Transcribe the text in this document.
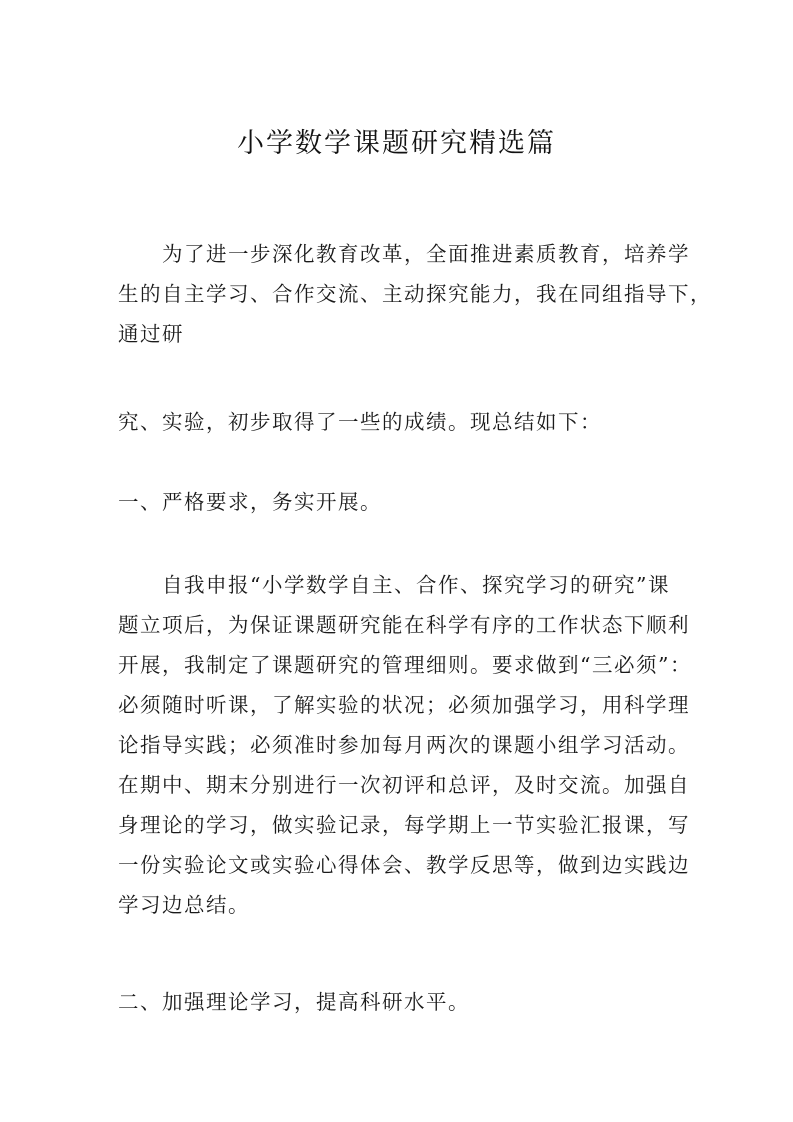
小学数学课题研究精选篇
　　为了进一步深化教育改革，全面推进素质教育，培养学
生的自主学习、合作交流、主动探究能力，我在同组指导下，
通过研
究、实验，初步取得了一些的成绩。现总结如下：
一、严格要求，务实开展。
　　自我申报“小学数学自主、合作、探究学习的研究”课
题立项后，为保证课题研究能在科学有序的工作状态下顺利
开展，我制定了课题研究的管理细则。要求做到“三必须”：
必须随时听课，了解实验的状况；必须加强学习，用科学理
论指导实践；必须准时参加每月两次的课题小组学习活动。
在期中、期末分别进行一次初评和总评，及时交流。加强自
身理论的学习，做实验记录，每学期上一节实验汇报课，写
一份实验论文或实验心得体会、教学反思等，做到边实践边
学习边总结。
二、加强理论学习，提高科研水平。
